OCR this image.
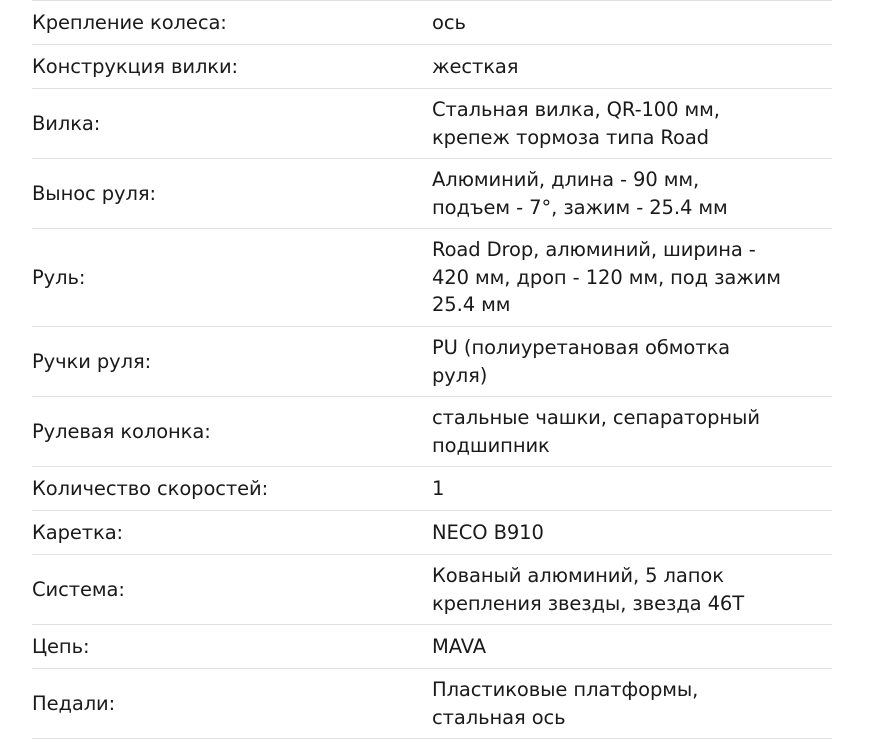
Крепление колеса:	ось

Конструкция вилки:	жесткая

Вилка:	Стальная вилка, QR-100 мм,
крепеж тормоза типа Road

Вынос руля:	Алюминий, длина - 90 мм,
подъем - 7°, зажим - 25.4 мм

Руль:	Road Drop, алюминий, ширина -
420 мм, дроп - 120 мм, под зажим
25.4 мм

Ручки руля:	PU (полиуретановая обмотка
руля)

Рулевая колонка:	стальные чашки, сепараторный
подшипник

Количество скоростей:	1

Каретка:	NECO B910

Система:	Кованый алюминий, 5 лапок
крепления звезды, звезда 46T

Цепь:	MAVA

Педали:	Пластиковые платформы,
стальная ось
